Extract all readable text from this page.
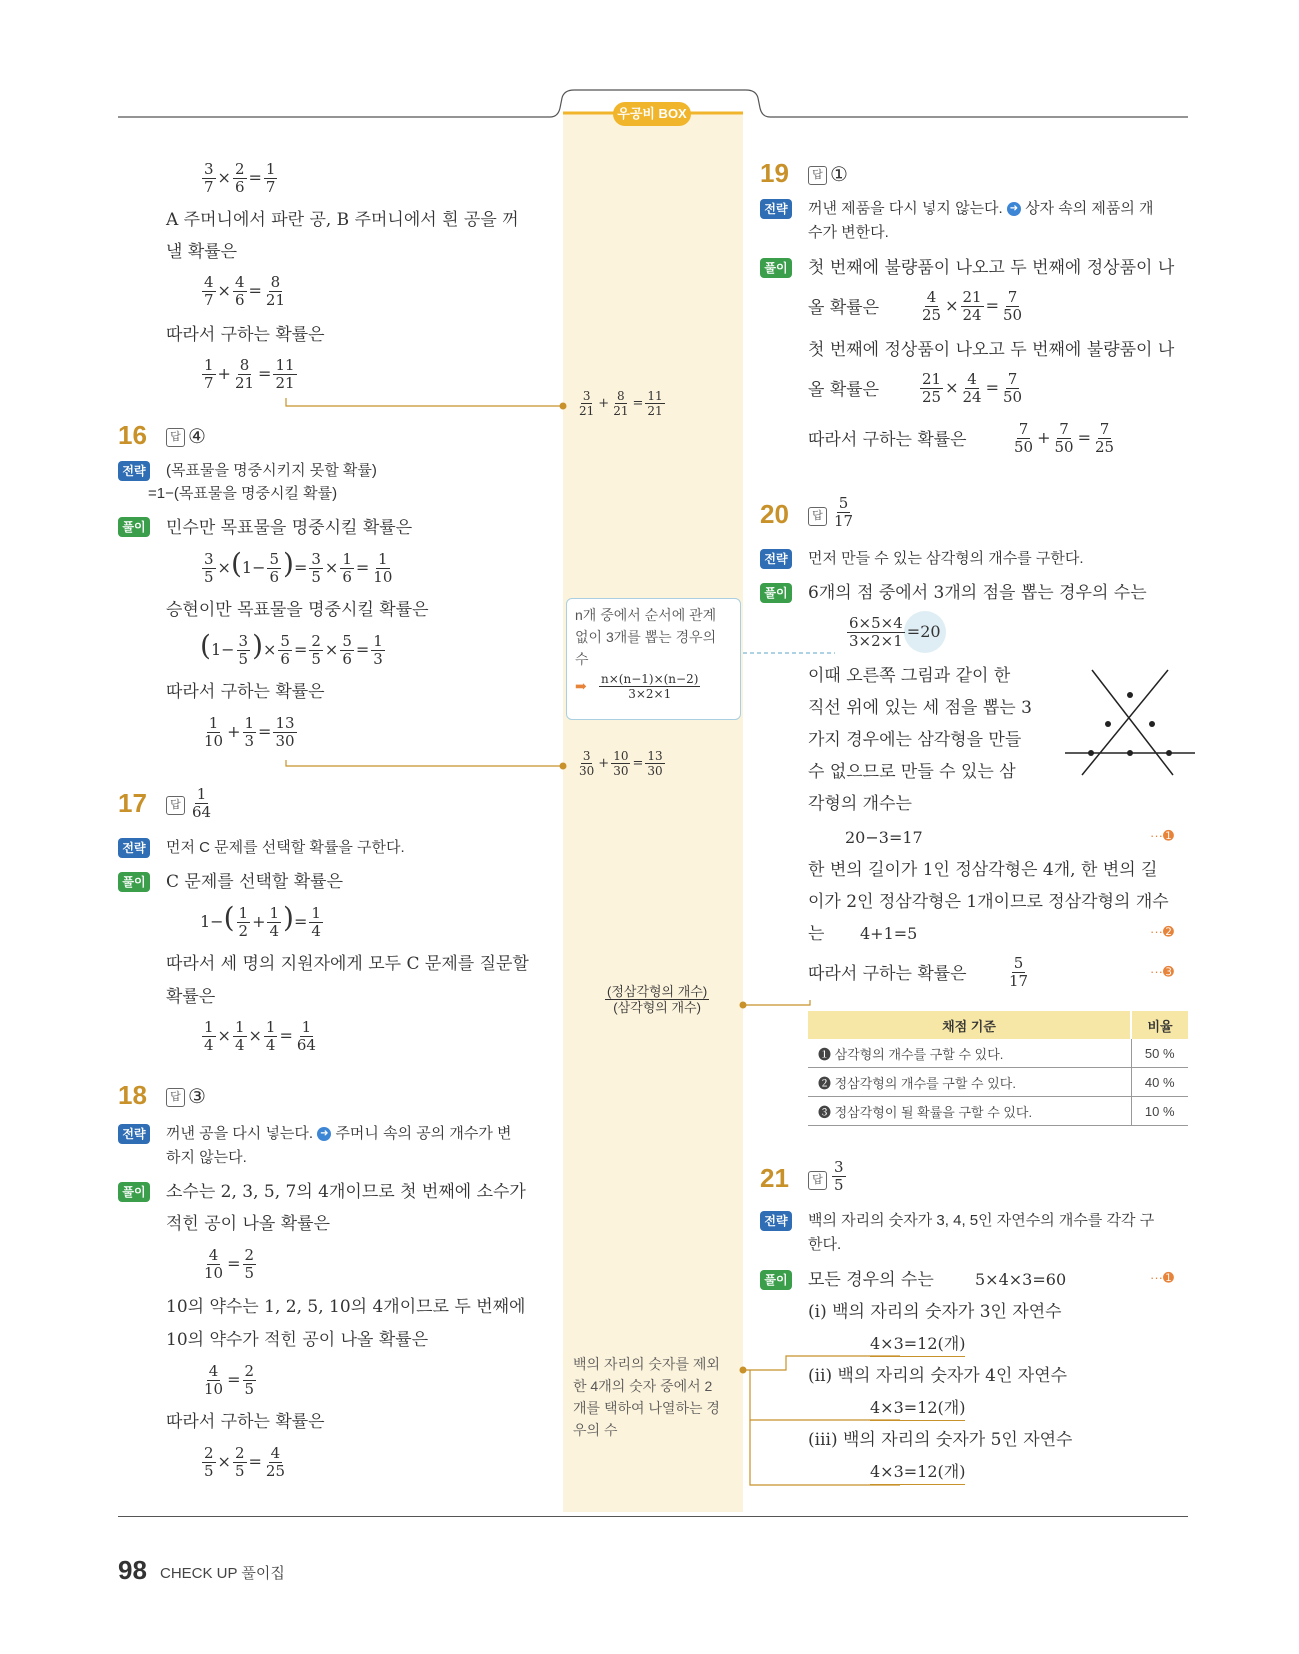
우공비 BOX
$\frac{3}{7} \times \frac{2}{6} = \frac{1}{7}$
A 주머니에서 파란 공, B 주머니에서 흰 공을 꺼
낼 확률은
$\frac{4}{7} \times \frac{4}{6} = \frac{8}{21}$
따라서 구하는 확률은
$\frac{1}{7} + \frac{8}{21} = \frac{11}{21}$
16	답 ④
전략 (목표물을 명중시키지 못할 확률)
=1−(목표물을 명중시킬 확률)
풀이 민수만 목표물을 명중시킬 확률은
$\frac{3}{5} \times(1- \frac{5}{6}$ )= $\frac{3}{5} \times \frac{1}{6} = \frac{1}{10}$
승현이만 목표물을 명중시킬 확률은
($1- \frac{3}{5}$ )× $\frac{5}{6} = \frac{2}{5} \times \frac{5}{6} = \frac{1}{3}$
따라서 구하는 확률은
$\frac{1}{10} + \frac{1}{3} = \frac{13}{30}$
17	답 $\frac{1}{64}$
전략 먼저 C 문제를 선택할 확률을 구한다.
풀이 C 문제를 선택할 확률은
$1-( \frac{1}{2} + \frac{1}{4}$ )= $\frac{1}{4}$
따라서 세 명의 지원자에게 모두 C 문제를 질문할
확률은
$\frac{1}{4} \times \frac{1}{4} \times \frac{1}{4} = \frac{1}{64}$
18	답 ③
전략 꺼낸 공을 다시 넣는다. ➜ 주머니 속의 공의 개수가 변
하지 않는다.
풀이 소수는 2, 3, 5, 7의 4개이므로 첫 번째에 소수가
적힌 공이 나올 확률은
$\frac{4}{10} = \frac{2}{5}$
10의 약수는 1, 2, 5, 10의 4개이므로 두 번째에
10의 약수가 적힌 공이 나올 확률은
$\frac{4}{10} = \frac{2}{5}$
따라서 구하는 확률은
$\frac{2}{5} \times \frac{2}{5} = \frac{4}{25}$
$\frac{3}{21} + \frac{8}{21} = \frac{11}{21}$
n개 중에서 순서에 관계
없이 3개를 뽑는 경우의
수
➡ $\frac{n\times(n-1)\times(n-2)}{3\times 2\times 1}$
$\frac{3}{30} + \frac{10}{30} = \frac{13}{30}$
$\frac{\text{(정삼각형의 개수)}}{\text{(삼각형의 개수)}}$
백의 자리의 숫자를 제외
한 4개의 숫자 중에서 2
개를 택하여 나열하는 경
우의 수
19	답 ①
전략 꺼낸 제품을 다시 넣지 않는다. ➜ 상자 속의 제품의 개
수가 변한다.
풀이 첫 번째에 불량품이 나오고 두 번째에 정상품이 나
올 확률은	$\frac{4}{25} \times \frac{21}{24} = \frac{7}{50}$
첫 번째에 정상품이 나오고 두 번째에 불량품이 나
올 확률은	$\frac{21}{25} \times \frac{4}{24} = \frac{7}{50}$
따라서 구하는 확률은	$\frac{7}{50} + \frac{7}{50} = \frac{7}{25}$
20	답 $\frac{5}{17}$
전략 먼저 만들 수 있는 삼각형의 개수를 구한다.
풀이 6개의 점 중에서 3개의 점을 뽑는 경우의 수는
$\frac{6\times 5\times 4}{3\times 2\times 1} =20$
이때 오른쪽 그림과 같이 한
직선 위에 있는 세 점을 뽑는 3
가지 경우에는 삼각형을 만들
수 없으므로 만들 수 있는 삼
각형의 개수는
20−3=17	···➊
한 변의 길이가 1인 정삼각형은 4개, 한 변의 길
이가 2인 정삼각형은 1개이므로 정삼각형의 개수
는 4+1=5	···➋
따라서 구하는 확률은	$\frac{5}{17}$	···➌
채점 기준	비율
➊ 삼각형의 개수를 구할 수 있다.	50 %
➋ 정삼각형의 개수를 구할 수 있다.	40 %
➌ 정삼각형이 될 확률을 구할 수 있다.	10 %
21	답 $\frac{3}{5}$
전략 백의 자리의 숫자가 3, 4, 5인 자연수의 개수를 각각 구
한다.
풀이 모든 경우의 수는	5×4×3=60	···➊
(ⅰ) 백의 자리의 숫자가 3인 자연수
4×3=12(개)
(ⅱ) 백의 자리의 숫자가 4인 자연수
4×3=12(개)
(ⅲ) 백의 자리의 숫자가 5인 자연수
4×3=12(개)
98 CHECK UP 풀이집
